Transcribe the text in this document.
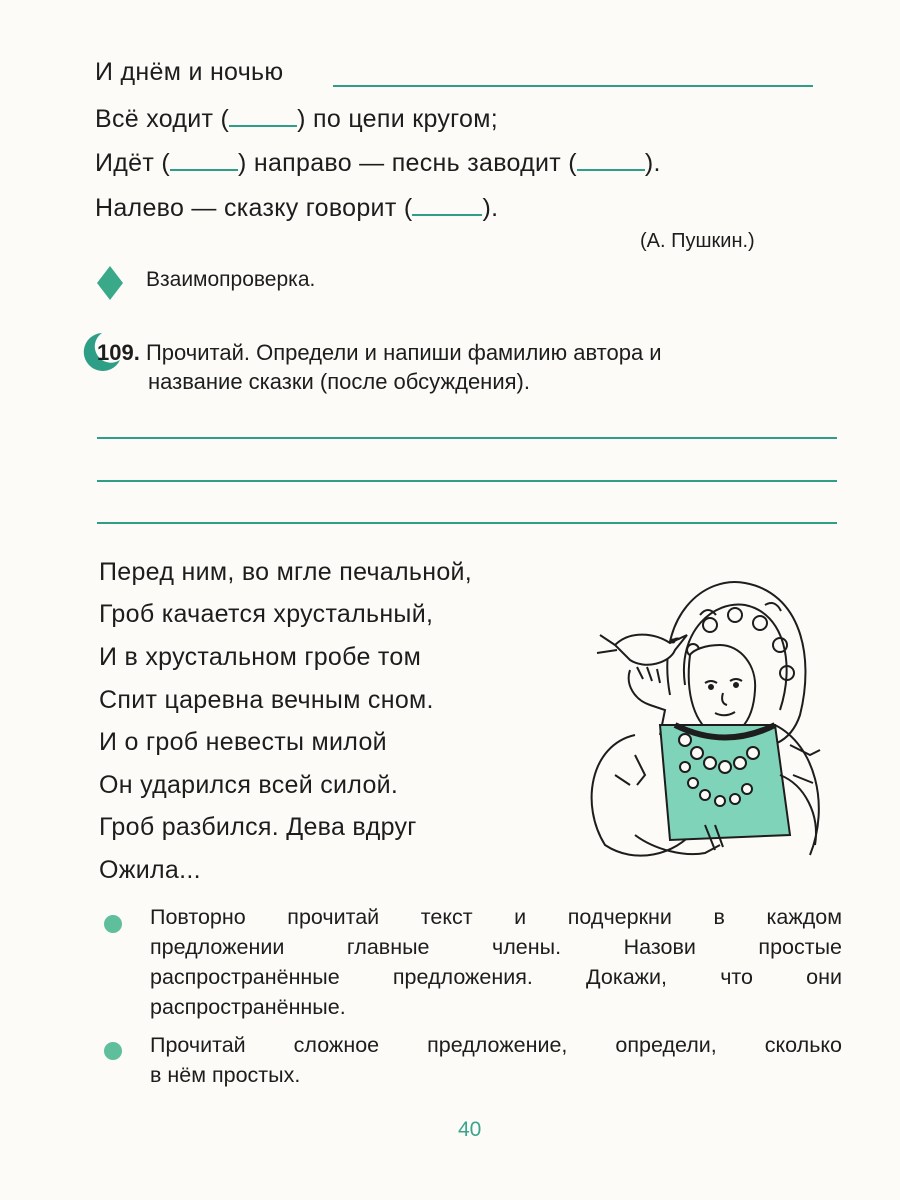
И днём и ночью
Всё ходит (	) по цепи кругом;
Идёт (	) направо — песнь заводит (	).
Налево — сказку говорит (	).
(А. Пушкин.)
Взаимопроверка.
109. Прочитай. Определи и напиши фамилию автора и
название сказки (после обсуждения).
Перед ним, во мгле печальной,
Гроб качается хрустальный,
И в хрустальном гробе том
Спит царевна вечным сном.
И о гроб невесты милой
Он ударился всей силой.
Гроб разбился. Дева вдруг
Ожила...
Повторно прочитай текст и подчеркни в каждом
предложении главные члены. Назови простые
распространённые предложения. Докажи, что они
распространённые.
Прочитай сложное предложение, определи, сколько
в нём простых.
40
